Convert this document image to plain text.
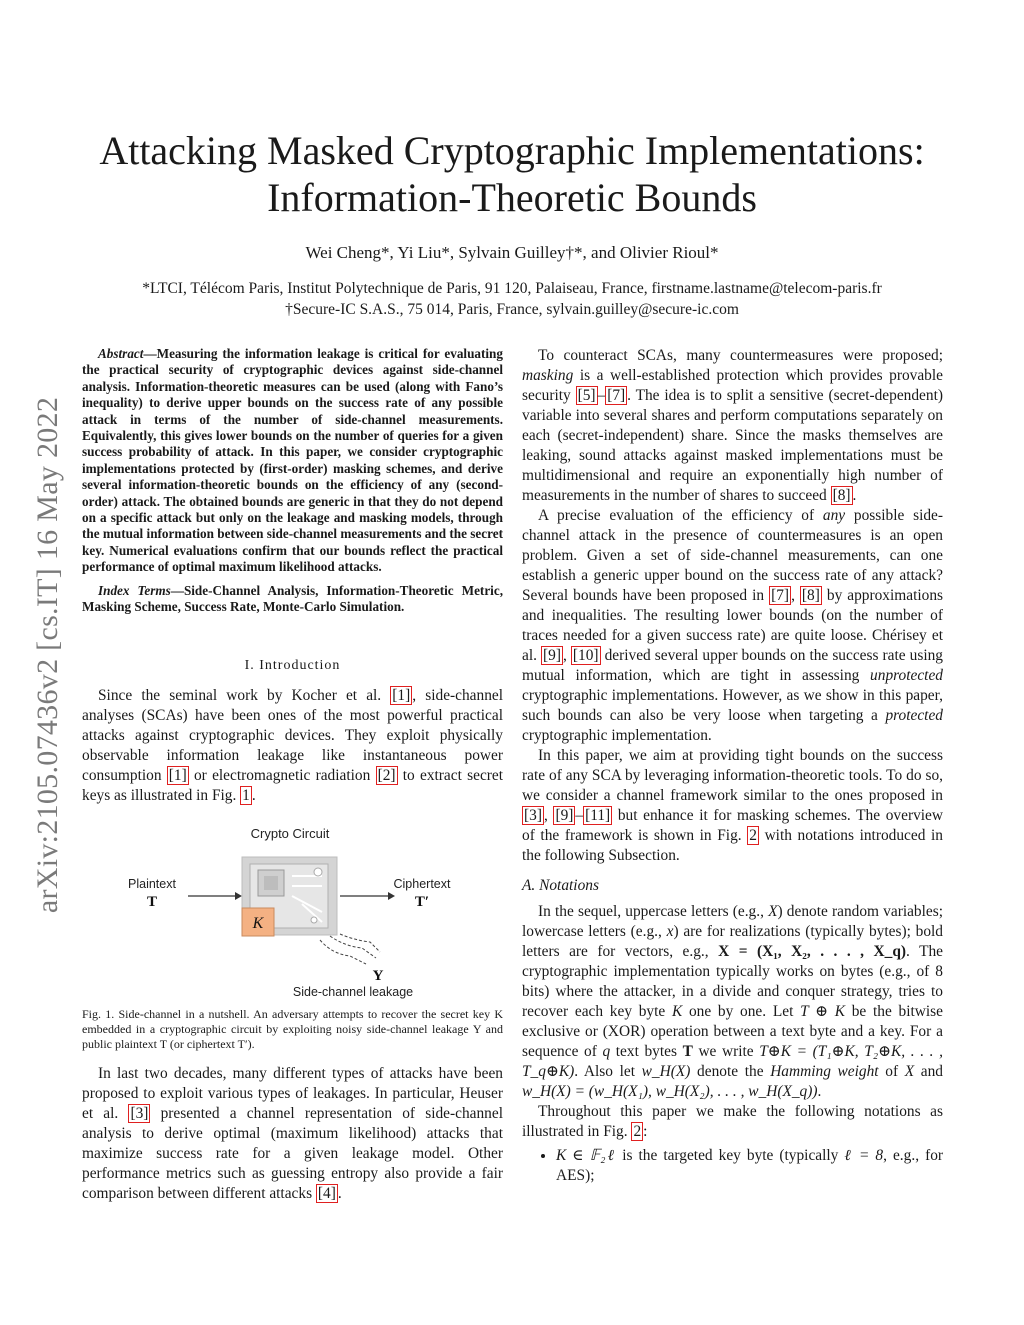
arXiv:2105.07436v2 [cs.IT] 16 May 2022
Attacking Masked Cryptographic Implementations:
Information-Theoretic Bounds
Wei Cheng*, Yi Liu*, Sylvain Guilley†*, and Olivier Rioul*
*LTCI, Télécom Paris, Institut Polytechnique de Paris, 91 120, Palaiseau, France, firstname.lastname@telecom-paris.fr
†Secure-IC S.A.S., 75 014, Paris, France, sylvain.guilley@secure-ic.com

Abstract—Measuring the information leakage is critical for evaluating the practical security of cryptographic devices against side-channel analysis. Information-theoretic measures can be used (along with Fano’s inequality) to derive upper bounds on the success rate of any possible attack in terms of the number of side-channel measurements. Equivalently, this gives lower bounds on the number of queries for a given success probability of attack. In this paper, we consider cryptographic implementations protected by (first-order) masking schemes, and derive several information-theoretic bounds on the efficiency of any (second-order) attack. The obtained bounds are generic in that they do not depend on a specific attack but only on the leakage and masking models, through the mutual information between side-channel measurements and the secret key. Numerical evaluations confirm that our bounds reflect the practical performance of optimal maximum likelihood attacks.

Index Terms—Side-Channel Analysis, Information-Theoretic Metric, Masking Scheme, Success Rate, Monte-Carlo Simulation.

I. Introduction

Since the seminal work by Kocher et al. [1] , side-channel analyses (SCAs) have been ones of the most powerful practical attacks against cryptographic devices. They exploit physically observable information leakage like instantaneous power consumption [1] or electromagnetic radiation [2] to extract secret keys as illustrated in Fig. 1 .

Crypto Circuit
Plaintext
T
K
Ciphertext
T′
Y
Side-channel leakage
Fig. 1. Side-channel in a nutshell. An adversary attempts to recover the secret key K embedded in a cryptographic circuit by exploiting noisy side-channel leakage Y and public plaintext T (or ciphertext T′).

In last two decades, many different types of attacks have been proposed to exploit various types of leakages. In particular, Heuser et al. [3] presented a channel representation of side-channel analysis to derive optimal (maximum likelihood) attacks that maximize success rate for a given leakage model. Other performance metrics such as guessing entropy also provide a fair comparison between different attacks [4] .

To counteract SCAs, many countermeasures were proposed; masking is a well-established protection which provides provable security [5] – [7] . The idea is to split a sensitive (secret-dependent) variable into several shares and perform computations separately on each (secret-independent) share. Since the masks themselves are leaking, sound attacks against masked implementations must be multidimensional and require an exponentially high number of measurements in the number of shares to succeed [8] .

A precise evaluation of the efficiency of any possible side-channel attack in the presence of countermeasures is an open problem. Given a set of side-channel measurements, can one establish a generic upper bound on the success rate of any attack? Several bounds have been proposed in [7] , [8] by approximations and inequalities. The resulting lower bounds (on the number of traces needed for a given success rate) are quite loose. Chérisey et al. [9] , [10] derived several upper bounds on the success rate using mutual information, which are tight in assessing unprotected cryptographic implementations. However, as we show in this paper, such bounds can also be very loose when targeting a protected cryptographic implementation.

In this paper, we aim at providing tight bounds on the success rate of any SCA by leveraging information-theoretic tools. To do so, we consider a channel framework similar to the ones proposed in [3] , [9] – [11] but enhance it for masking schemes. The overview of the framework is shown in Fig. 2 with notations introduced in the following Subsection.

A. Notations

In the sequel, uppercase letters (e.g., X) denote random variables; lowercase letters (e.g., x) are for realizations (typically bytes); bold letters are for vectors, e.g., X = (X₁, X₂, . . . , X_q). The cryptographic implementation typically works on bytes (e.g., of 8 bits) where the attacker, in a divide and conquer strategy, tries to recover each key byte K one by one. Let T ⊕ K be the bitwise exclusive or (XOR) operation between a text byte and a key. For a sequence of q text bytes T we write T⊕K = (T₁⊕K, T₂⊕K, . . . , T_q⊕K). Also let w_H(X) denote the Hamming weight of X and w_H(X) = (w_H(X₁), w_H(X₂), . . . , w_H(X_q)).

Throughout this paper we make the following notations as illustrated in Fig. 2 :

• K ∈ 𝔽₂ℓ is the targeted key byte (typically ℓ = 8, e.g., for AES);
